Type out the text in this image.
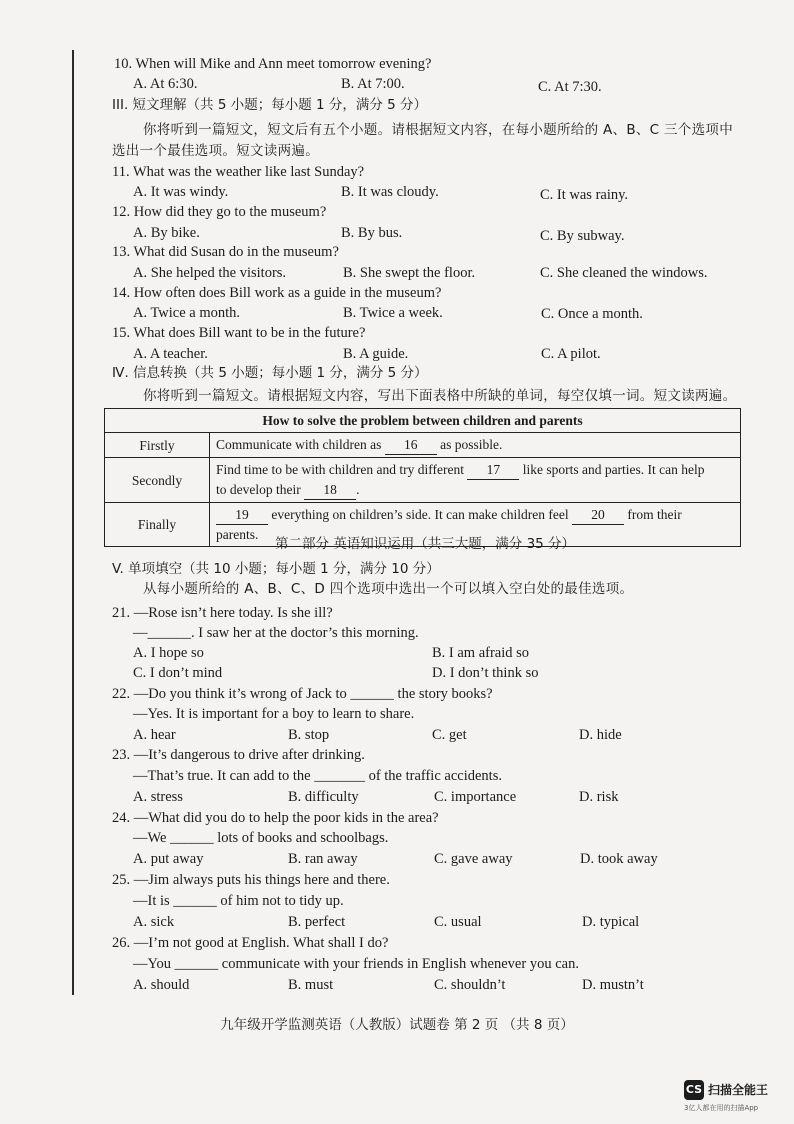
10. When will Mike and Ann meet tomorrow evening?
A. At 6:30.	B. At 7:00.	C. At 7:30.
III. 短文理解（共 5 小题；每小题 1 分，满分 5 分）
你将听到一篇短文，短文后有五个小题。请根据短文内容，在每小题所给的 A、B、C 三个选项中
选出一个最佳选项。短文读两遍。
11. What was the weather like last Sunday?
A. It was windy.	B. It was cloudy.	C. It was rainy.
12. How did they go to the museum?
A. By bike.	B. By bus.	C. By subway.
13. What did Susan do in the museum?
A. She helped the visitors.	B. She swept the floor.	C. She cleaned the windows.
14. How often does Bill work as a guide in the museum?
A. Twice a month.	B. Twice a week.	C. Once a month.
15. What does Bill want to be in the future?
A. A teacher.	B. A guide.	C. A pilot.
Ⅳ. 信息转换（共 5 小题；每小题 1 分，满分 5 分）
你将听到一篇短文。请根据短文内容，写出下面表格中所缺的单词，每空仅填一词。短文读两遍。
How to solve the problem between children and parents	
Firstly	Communicate with children as 16 as possible.
Secondly	Find time to be with children and try different 17 like sports and parties. It can help
to develop their 18 .
Finally	19 everything on children’s side. It can make children feel 20 from their
parents.
第二部分 英语知识运用（共三大题，满分 35 分）
V. 单项填空（共 10 小题；每小题 1 分，满分 10 分）
从每小题所给的 A、B、C、D 四个选项中选出一个可以填入空白处的最佳选项。
21. —Rose isn’t here today. Is she ill?
—______. I saw her at the doctor’s this morning.
A. I hope so	B. I am afraid so
C. I don’t mind	D. I don’t think so
22. —Do you think it’s wrong of Jack to ______ the story books?
—Yes. It is important for a boy to learn to share.
A. hear	B. stop	C. get	D. hide
23. —It’s dangerous to drive after drinking.
—That’s true. It can add to the _______ of the traffic accidents.
A. stress	B. difficulty	C. importance	D. risk
24. —What did you do to help the poor kids in the area?
—We ______ lots of books and schoolbags.
A. put away	B. ran away	C. gave away	D. took away
25. —Jim always puts his things here and there.
—It is ______ of him not to tidy up.
A. sick	B. perfect	C. usual	D. typical
26. —I’m not good at English. What shall I do?
—You ______ communicate with your friends in English whenever you can.
A. should	B. must	C. shouldn’t	D. mustn’t
九年级开学监测英语（人教版）试题卷 第 2 页 （共 8 页）
CS 扫描全能王
3亿人都在用的扫描App
